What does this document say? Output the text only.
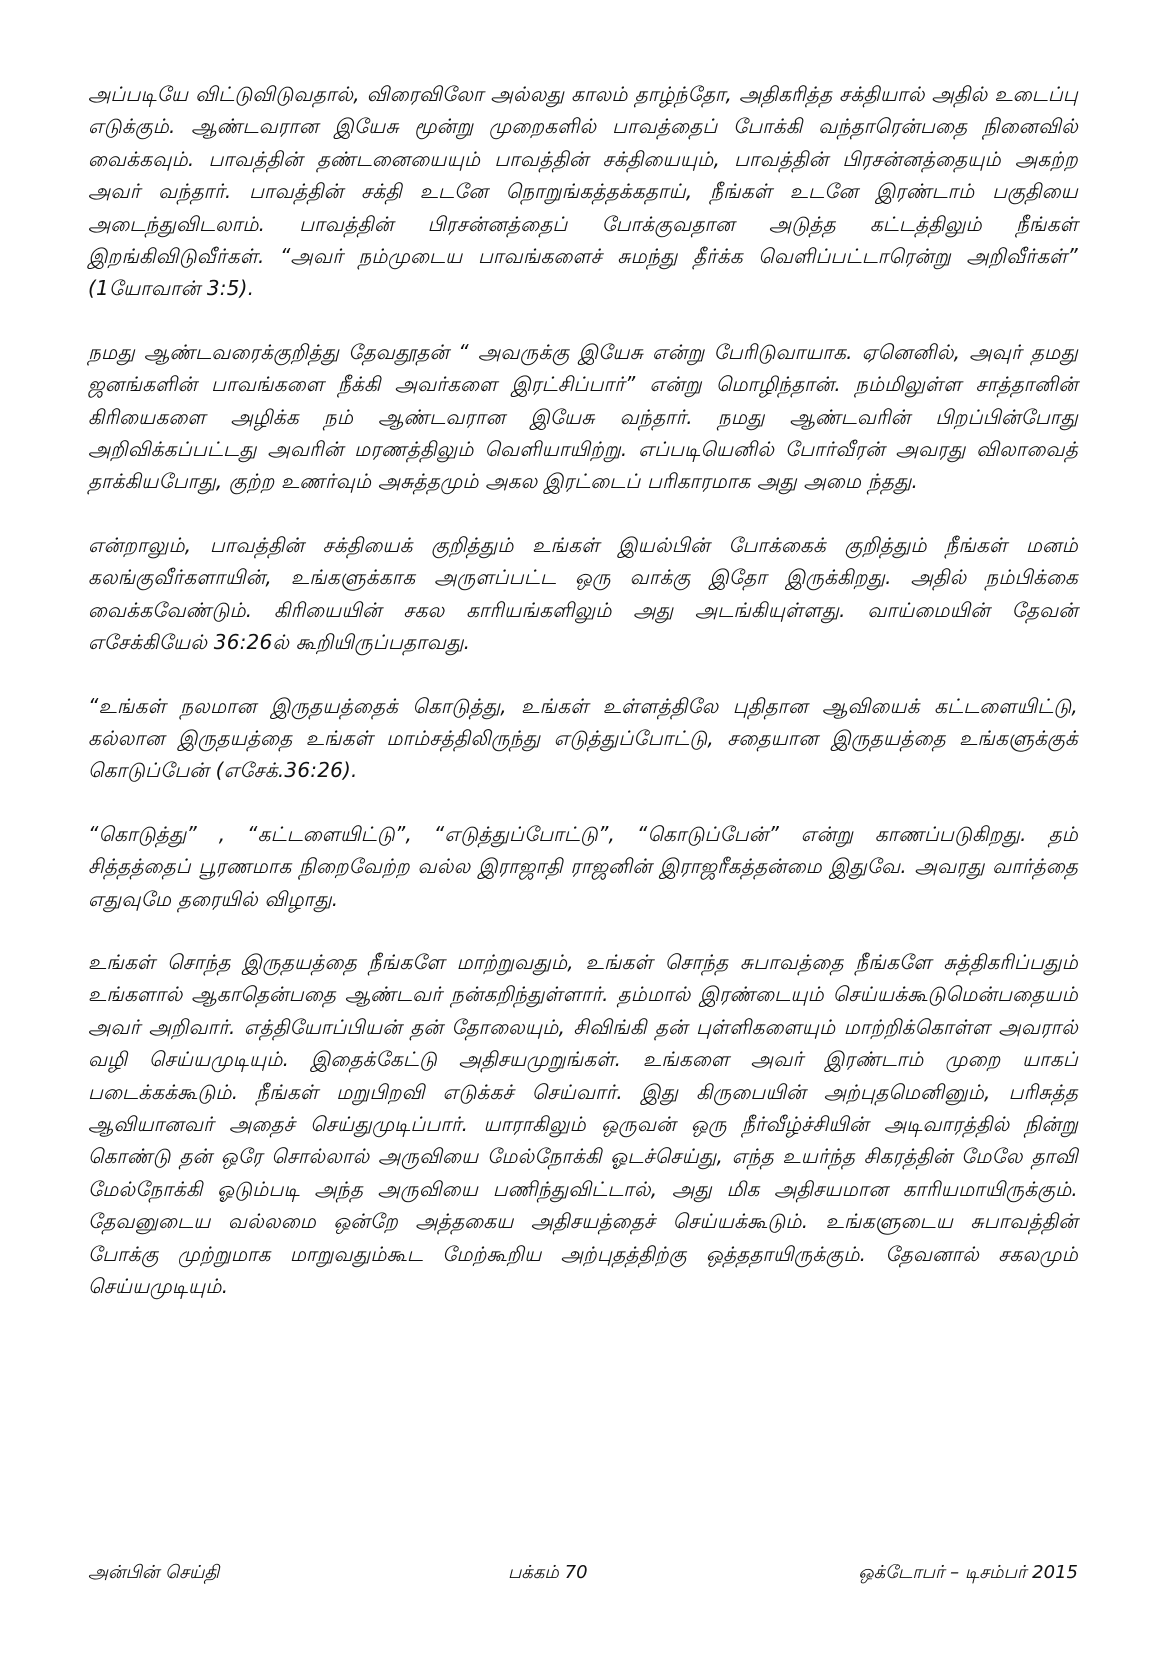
அப்படியே விட்டுவிடுவதால், விரைவிலோ அல்லது காலம் தாழ்ந்தோ, அதிகரித்த சக்தியால் அதில் உடைப்பு எடுக்கும். ஆண்டவரான இயேசு மூன்று முறைகளில் பாவத்தைப் போக்கி வந்தாரென்பதை நினைவில் வைக்கவும். பாவத்தின் தண்டனையையும் பாவத்தின் சக்தியையும், பாவத்தின் பிரசன்னத்தையும் அகற்ற அவர் வந்தார். பாவத்தின் சக்தி உடனே நொறுங்கத்தக்கதாய், நீங்கள் உடனே இரண்டாம் பகுதியை அடைந்துவிடலாம். பாவத்தின் பிரசன்னத்தைப் போக்குவதான அடுத்த கட்டத்திலும் நீங்கள் இறங்கிவிடுவீர்கள். “அவர் நம்முடைய பாவங்களைச் சுமந்து தீர்க்க வெளிப்பட்டாரென்று அறிவீர்கள்” (1யோவான் 3:5).

நமது ஆண்டவரைக்குறித்து தேவதூதன் “ அவருக்கு இயேசு என்று பேரிடுவாயாக. ஏனெனில், அவுர் தமது ஜனங்களின் பாவங்களை நீக்கி அவர்களை இரட்சிப்பார்” என்று மொழிந்தான். நம்மிலுள்ள சாத்தானின் கிரியைகளை அழிக்க நம் ஆண்டவரான இயேசு வந்தார். நமது ஆண்டவரின் பிறப்பின்போது அறிவிக்கப்பட்டது அவரின் மரணத்திலும் வெளியாயிற்று. எப்படியெனில் போர்வீரன் அவரது விலாவைத் தாக்கியபோது, குற்ற உணர்வும் அசுத்தமும் அகல இரட்டைப் பரிகாரமாக அது அமை ந்தது.

என்றாலும், பாவத்தின் சக்தியைக் குறித்தும் உங்கள் இயல்பின் போக்கைக் குறித்தும் நீங்கள் மனம் கலங்குவீர்களாயின், உங்களுக்காக அருளப்பட்ட ஒரு வாக்கு இதோ இருக்கிறது. அதில் நம்பிக்கை வைக்கவேண்டும். கிரியையின் சகல காரியங்களிலும் அது அடங்கியுள்ளது. வாய்மையின் தேவன் எசேக்கியேல் 36:26ல் கூறியிருப்பதாவது.

“உங்கள் நலமான இருதயத்தைக் கொடுத்து, உங்கள் உள்ளத்திலே புதிதான ஆவியைக் கட்டளையிட்டு, கல்லான இருதயத்தை உங்கள் மாம்சத்திலிருந்து எடுத்துப்போட்டு, சதையான இருதயத்தை உங்களுக்குக் கொடுப்பேன் (எசேக்.36:26).

“கொடுத்து” , “கட்டளையிட்டு”, “எடுத்துப்போட்டு”, “கொடுப்பேன்” என்று காணப்படுகிறது. தம் சித்தத்தைப் பூரணமாக நிறைவேற்ற வல்ல இராஜாதி ராஜனின் இராஜரீகத்தன்மை இதுவே. அவரது வார்த்தை எதுவுமே தரையில் விழாது.

உங்கள் சொந்த இருதயத்தை நீங்களே மாற்றுவதும், உங்கள் சொந்த சுபாவத்தை நீங்களே சுத்திகரிப்பதும் உங்களால் ஆகாதென்பதை ஆண்டவர் நன்கறிந்துள்ளார். தம்மால் இரண்டையும் செய்யக்கூடுமென்பதையம் அவர் அறிவார். எத்தியோப்பியன் தன் தோலையும், சிவிங்கி தன் புள்ளிகளையும் மாற்றிக்கொள்ள அவரால் வழி செய்யமுடியும். இதைக்கேட்டு அதிசயமுறுங்கள். உங்களை அவர் இரண்டாம் முறை யாகப் படைக்கக்கூடும். நீங்கள் மறுபிறவி எடுக்கச் செய்வார். இது கிருபையின் அற்புதமெனினும், பரிசுத்த ஆவியானவர் அதைச் செய்துமுடிப்பார். யாராகிலும் ஒருவன் ஒரு நீர்வீழ்ச்சியின் அடிவாரத்தில் நின்று கொண்டு தன் ஒரே சொல்லால் அருவியை மேல்நோக்கி ஓடச்செய்து, எந்த உயர்ந்த சிகரத்தின் மேலே தாவி மேல்நோக்கி ஓடும்படி அந்த அருவியை பணிந்துவிட்டால், அது மிக அதிசயமான காரியமாயிருக்கும். தேவனுடைய வல்லமை ஒன்றே அத்தகைய அதிசயத்தைச் செய்யக்கூடும். உங்களுடைய சுபாவத்தின் போக்கு முற்றுமாக மாறுவதும்கூட மேற்கூறிய அற்புதத்திற்கு ஒத்ததாயிருக்கும். தேவனால் சகலமும் செய்யமுடியும்.

அன்பின் செய்தி	பக்கம் 70	ஒக்டோபர் – டிசம்பர் 2015
